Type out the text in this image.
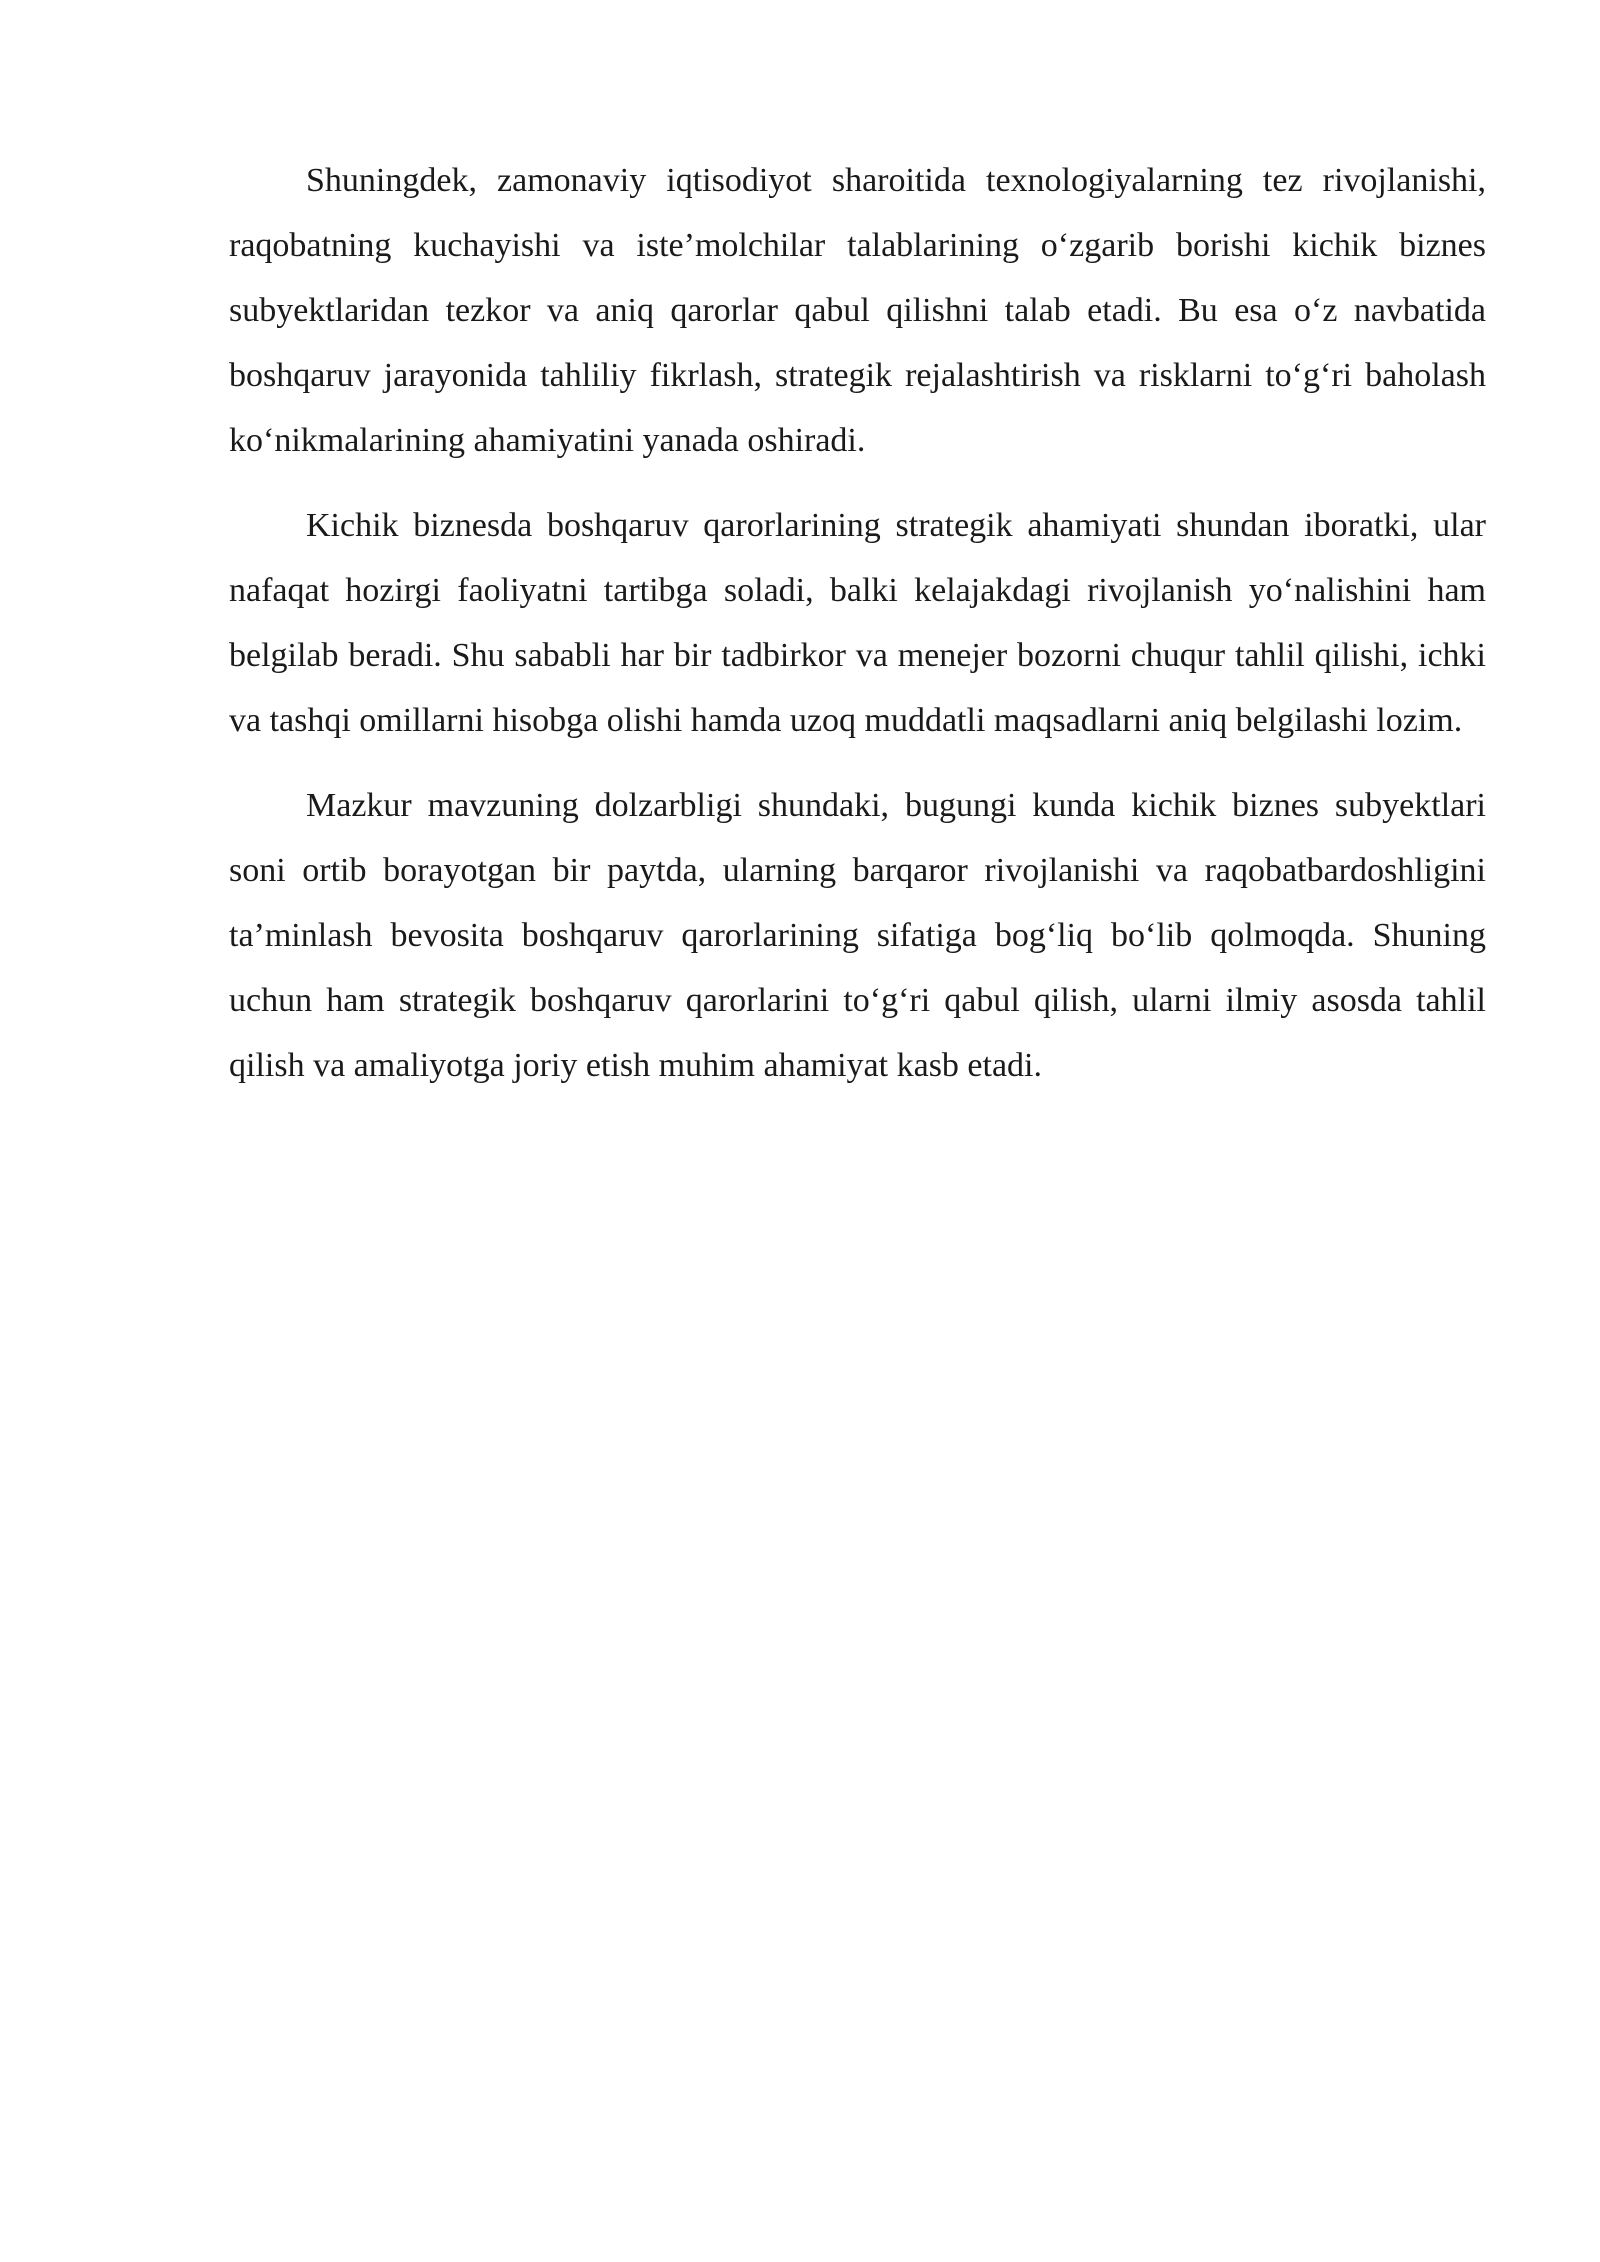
Shuningdek, zamonaviy iqtisodiyot sharoitida texnologiyalarning tez rivojlanishi, raqobatning kuchayishi va iste’molchilar talablarining o‘zgarib borishi kichik biznes subyektlaridan tezkor va aniq qarorlar qabul qilishni talab etadi. Bu esa o‘z navbatida boshqaruv jarayonida tahliliy fikrlash, strategik rejalashtirish va risklarni to‘g‘ri baholash ko‘nikmalarining ahamiyatini yanada oshiradi.

Kichik biznesda boshqaruv qarorlarining strategik ahamiyati shundan iboratki, ular nafaqat hozirgi faoliyatni tartibga soladi, balki kelajakdagi rivojlanish yo‘nalishini ham belgilab beradi. Shu sababli har bir tadbirkor va menejer bozorni chuqur tahlil qilishi, ichki va tashqi omillarni hisobga olishi hamda uzoq muddatli maqsadlarni aniq belgilashi lozim.

Mazkur mavzuning dolzarbligi shundaki, bugungi kunda kichik biznes subyektlari soni ortib borayotgan bir paytda, ularning barqaror rivojlanishi va raqobatbardoshligini ta’minlash bevosita boshqaruv qarorlarining sifatiga bog‘liq bo‘lib qolmoqda. Shuning uchun ham strategik boshqaruv qarorlarini to‘g‘ri qabul qilish, ularni ilmiy asosda tahlil qilish va amaliyotga joriy etish muhim ahamiyat kasb etadi.
